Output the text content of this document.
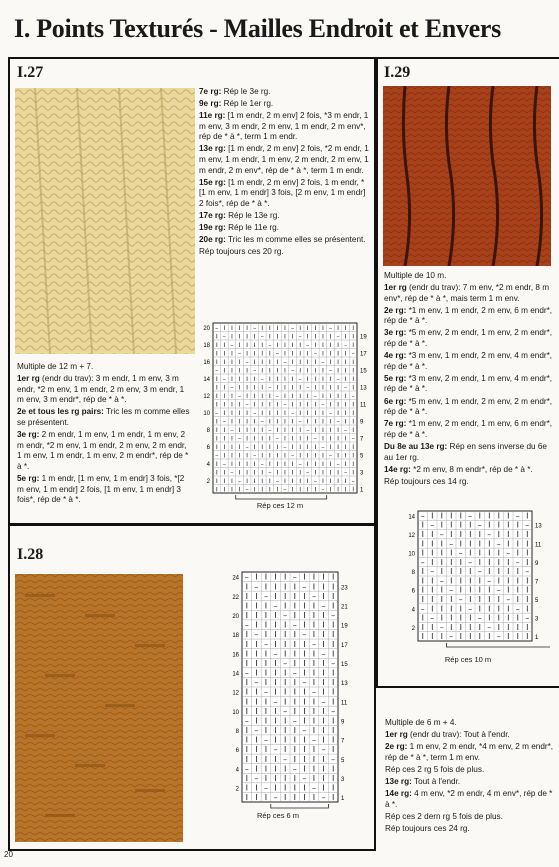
I. Points Texturés - Mailles Endroit et Envers
I.27

7e rg: Rép le 3e rg.

9e rg: Rép le 1er rg.

11e rg: [1 m endr, 2 m env] 2 fois, *3 m endr, 1 m env, 3 m endr, 2 m env, 1 m endr, 2 m env*, rép de * à *, term 1 m endr.

13e rg: [1 m endr, 2 m env] 2 fois, *2 m endr, 1 m env, 1 m endr, 1 m env, 2 m endr, 2 m env, 1 m endr, 2 m env*, rép de * à *, term 1 m endr.

15e rg: [1 m endr, 2 m env] 2 fois, 1 m endr, *[1 m env, 1 m endr] 3 fois, [2 m env, 1 m endr] 2 fois*, rép de * à *.

17e rg: Rép le 13e rg.

19e rg: Rép le 11e rg.

20e rg: Tric les m comme elles se présentent.

Rép toujours ces 20 rg.

Multiple de 12 m + 7.

1er rg (endr du trav): 3 m endr, 1 m env, 3 m endr, *2 m env, 1 m endr, 2 m env, 3 m endr, 1 m env, 3 m endr*, rép de * à *.

2e et tous les rg pairs: Tric les m comme elles se présentent.

3e rg: 2 m endr, 1 m env, 1 m endr, 1 m env, 2 m endr, *2 m env, 1 m endr, 2 m env, 2 m endr, 1 m env, 1 m endr, 1 m env, 2 m endr*, rép de * à *.

5e rg: 1 m endr, [1 m env, 1 m endr] 3 fois, *[2 m env, 1 m endr] 2 fois, [1 m env, 1 m endr] 3 fois*, rép de * à *.

– I I I I – I I I I – I I I I – I I I
I – I I I I – I I I I – I I I I – I I
I I – I I I I – I I I I – I I I I – I
I I I – I I I I – I I I I – I I I I –
I I I I – I I I I – I I I I – I I I I
– I I I I – I I I I – I I I I – I I I
I – I I I I – I I I I – I I I I – I I
I I – I I I I – I I I I – I I I I – I
I I I – I I I I – I I I I – I I I I –
I I I I – I I I I – I I I I – I I I I
– I I I I – I I I I – I I I I – I I I
I – I I I I – I I I I – I I I I – I I
I I – I I I I – I I I I – I I I I – I
I I I – I I I I – I I I I – I I I I –
I I I I – I I I I – I I I I – I I I I
– I I I I – I I I I – I I I I – I I I
I – I I I I – I I I I – I I I I – I I
I I – I I I I – I I I I – I I I I – I
I I I – I I I I – I I I I – I I I I –
I I I I – I I I I – I I I I – I I I I
20
18
16
14
12
10
8
6
4
2
19
17
15
13
11
9
7
5
3
1
Rép ces 12 m
I.28
– I I I I – I I I I
I – I I I I – I I I
I I – I I I I – I I
I I I – I I I I – I
I I I I – I I I I –
– I I I I – I I I I
I – I I I I – I I I
I I – I I I I – I I
I I I – I I I I – I
I I I I – I I I I –
– I I I I – I I I I
I – I I I I – I I I
I I – I I I I – I I
I I I – I I I I – I
I I I I – I I I I –
– I I I I – I I I I
I – I I I I – I I I
I I – I I I I – I I
I I I – I I I I – I
I I I I – I I I I –
– I I I I – I I I I
I – I I I I – I I I
I I – I I I I – I I
I I I – I I I I – I
24
22
20
18
16
14
12
10
8
6
4
2
23
21
19
17
15
13
11
9
7
5
3
1
Rép ces 6 m
I.29

Multiple de 10 m.

1er rg (endr du trav): 7 m env, *2 m endr, 8 m env*, rép de * à *, mais term 1 m env.

2e rg: *1 m env, 1 m endr, 2 m env, 6 m endr*, rép de * à *.

3e rg: *5 m env, 2 m endr, 1 m env, 2 m endr*, rép de * à *.

4e rg: *3 m env, 1 m endr, 2 m env, 4 m endr*, rép de * à *.

5e rg: *3 m env, 2 m endr, 1 m env, 4 m endr*, rép de * à *.

6e rg: *5 m env, 1 m endr, 2 m env, 2 m endr*, rép de * à *.

7e rg: *1 m env, 2 m endr, 1 m env, 6 m endr*, rép de * à *.

Du 8e au 13e rg: Rép en sens inverse du 6e au 1er rg.

14e rg: *2 m env, 8 m endr*, rép de * à *.

Rép toujours ces 14 rg.

– I I I I – I I I I – I
I – I I I I – I I I I –
I I – I I I I – I I I I
I I I – I I I I – I I I
I I I I – I I I I – I I
– I I I I – I I I I – I
I – I I I I – I I I I –
I I – I I I I – I I I I
I I I – I I I I – I I I
I I I I – I I I I – I I
– I I I I – I I I I – I
I – I I I I – I I I I –
I I – I I I I – I I I I
I I I – I I I I – I I I
14
12
10
8
6
4
2
13
11
9
7
5
3
1
Rép ces 10 m

Multiple de 6 m + 4.

1er rg (endr du trav): Tout à l'endr.

2e rg: 1 m env, 2 m endr, *4 m env, 2 m endr*, rép de * à *, term 1 m env.

Rép ces 2 rg 5 fois de plus.

13e rg: Tout à l'endr.

14e rg: 4 m env, *2 m endr, 4 m env*, rép de * à *.

Rép ces 2 dern rg 5 fois de plus.

Rép toujours ces 24 rg.

20
